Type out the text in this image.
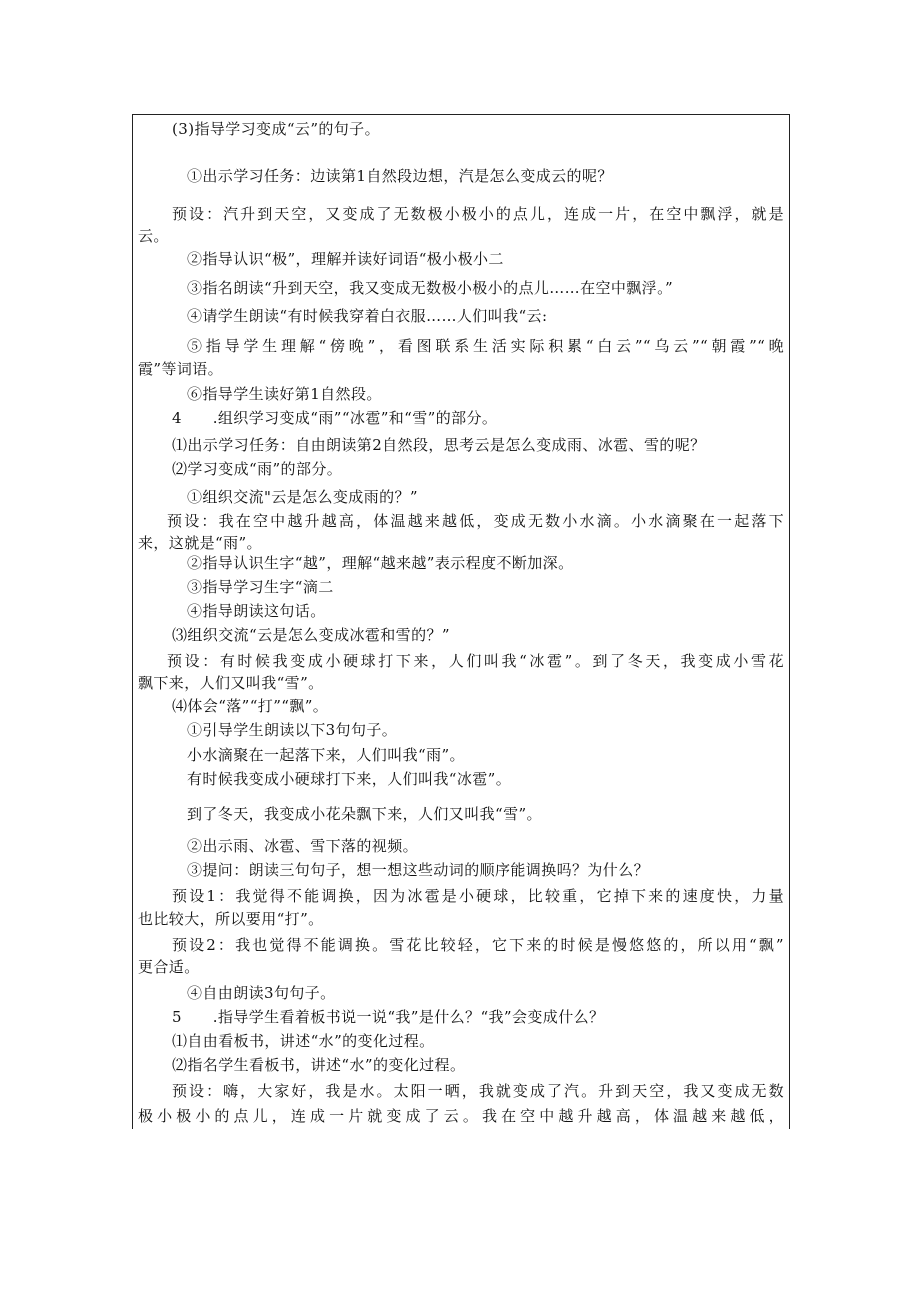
(3)指导学习变成“云”的句子。
①出示学习任务：边读第1自然段边想，汽是怎么变成云的呢？
预设：汽升到天空，又变成了无数极小极小的点儿，连成一片，在空中飘浮，就是
云。
②指导认识“极”，理解并读好词语“极小极小二
③指名朗读“升到天空，我又变成无数极小极小的点儿……在空中飘浮。”
④请学生朗读“有时候我穿着白衣服……人们叫我“云:
⑤指导学生理解“傍晚”，看图联系生活实际积累“白云”“乌云”“朝霞”“晚
霞”等词语。
⑥指导学生读好第1自然段。
4　　.组织学习变成“雨”“冰雹”和“雪”的部分。
⑴出示学习任务：自由朗读第2自然段，思考云是怎么变成雨、冰雹、雪的呢？
⑵学习变成“雨”的部分。
①组织交流"云是怎么变成雨的？”
预设：我在空中越升越高，体温越来越低，变成无数小水滴。小水滴聚在一起落下
来，这就是“雨”。
②指导认识生字“越”，理解“越来越”表示程度不断加深。
③指导学习生字“滴二
④指导朗读这句话。
⑶组织交流“云是怎么变成冰雹和雪的？”
预设：有时候我变成小硬球打下来，人们叫我“冰雹”。到了冬天，我变成小雪花
飘下来，人们又叫我“雪”。
⑷体会“落”“打”“飘”。
①引导学生朗读以下3句句子。
小水滴聚在一起落下来，人们叫我“雨”。
有时候我变成小硬球打下来，人们叫我“冰雹”。
到了冬天，我变成小花朵飘下来，人们又叫我“雪”。
②出示雨、冰雹、雪下落的视频。
③提问：朗读三句句子，想一想这些动词的顺序能调换吗？为什么？
预设1：我觉得不能调换，因为冰雹是小硬球，比较重，它掉下来的速度快，力量
也比较大，所以要用“打”。
预设2：我也觉得不能调换。雪花比较轻，它下来的时候是慢悠悠的，所以用“飘”
更合适。
④自由朗读3句句子。
5　　.指导学生看着板书说一说“我”是什么？“我”会变成什么？
⑴自由看板书，讲述“水”的变化过程。
⑵指名学生看板书，讲述“水”的变化过程。
预设：嗨，大家好，我是水。太阳一晒，我就变成了汽。升到天空，我又变成无数
极小极小的点儿，连成一片就变成了云。我在空中越升越高，体温越来越低，
